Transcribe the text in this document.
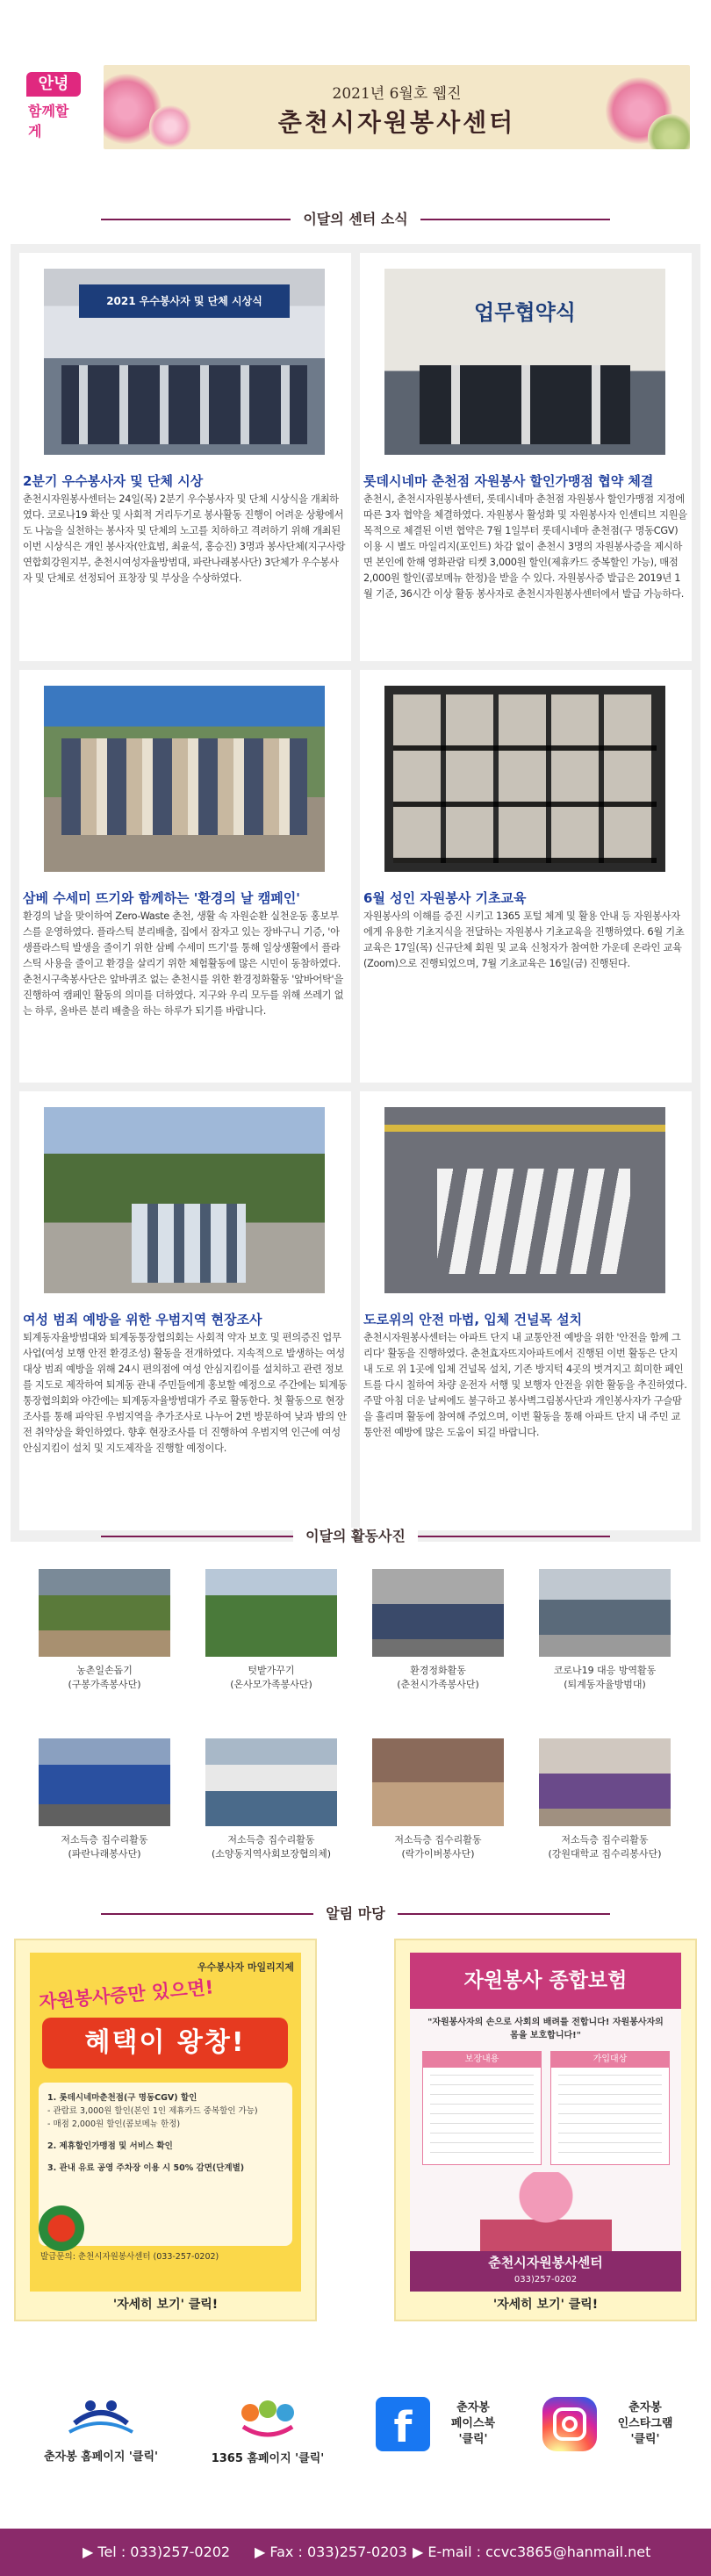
안녕
함께할게
2021년 6월호 웹진
춘천시자원봉사센터
이달의 센터 소식
2021 우수봉사자 및 단체 시상식
2분기 우수봉사자 및 단체 시상
춘천시자원봉사센터는 24일(목) 2분기 우수봉사자 및 단체 시상식을 개최하였다. 코로나19 확산 및 사회적 거리두기로 봉사활동 진행이 어려운 상황에서도 나눔을 실천하는 봉사자 및 단체의 노고를 치하하고 격려하기 위해 개최된 이번 시상식은 개인 봉사자(안효범, 최윤석, 홍승진) 3명과 봉사단체(지구사랑연합회강원지부, 춘천시여성자율방범대, 파란나래봉사단) 3단체가 우수봉사자 및 단체로 선정되어 표창장 및 부상을 수상하였다.
업무협약식
롯데시네마 춘천점 자원봉사 할인가맹점 협약 체결
춘천시, 춘천시자원봉사센터, 롯데시네마 춘천점 자원봉사 할인가맹점 지정에 따른 3자 협약을 체결하였다. 자원봉사 활성화 및 자원봉사자 인센티브 지원을 목적으로 체결된 이번 협약은 7월 1일부터 롯데시네마 춘천점(구 명동CGV) 이용 시 별도 마일리지(포인트) 차감 없이 춘천시 3명의 자원봉사증을 제시하면 본인에 한해 영화관람 티켓 3,000원 할인(제휴카드 중복할인 가능), 매점 2,000원 할인(콤보메뉴 한정)을 받을 수 있다. 자원봉사증 발급은 2019년 1월 기준, 36시간 이상 활동 봉사자로 춘천시자원봉사센터에서 발급 가능하다.
삼베 수세미 뜨기와 함께하는 '환경의 날 캠페인'
환경의 날을 맞이하여 Zero-Waste 춘천, 생활 속 자원순환 실천운동 홍보부스를 운영하였다. 플라스틱 분리배출, 집에서 잠자고 있는 장바구니 기증, '아생플라스틱 발생을 줄이기 위한 삼베 수세미 뜨기'를 통해 일상생활에서 플라스틱 사용을 줄이고 환경을 살리기 위한 체험활동에 많은 시민이 동참하였다. 춘천시구축봉사단은 앞바퀴조 없는 춘천시를 위한 환경정화활동 '앞바어탁'을 진행하여 캠페인 활동의 의미를 더하였다. 지구와 우리 모두를 위해 쓰레기 없는 하루, 올바른 분리 배출을 하는 하루가 되기를 바랍니다.
6월 성인 자원봉사 기초교육
자원봉사의 이해를 증진 시키고 1365 포털 체계 및 활용 안내 등 자원봉사자에게 유용한 기초지식을 전달하는 자원봉사 기초교육을 진행하였다. 6월 기초교육은 17일(목) 신규단체 회원 및 교육 신청자가 참여한 가운데 온라인 교육(Zoom)으로 진행되었으며, 7월 기초교육은 16일(금) 진행된다.
여성 범죄 예방을 위한 우범지역 현장조사
퇴계동자율방범대와 퇴계동통장협의회는 사회적 약자 보호 및 편의증진 업무사업(여성 보행 안전 환경조성) 활동을 전개하였다. 지속적으로 발생하는 여성 대상 범죄 예방을 위해 24시 편의점에 여성 안심지킴이를 설치하고 관련 정보를 지도로 제작하여 퇴계동 관내 주민들에게 홍보할 예정으로 주간에는 퇴계동통장협의회와 야간에는 퇴계동자율방범대가 주로 활동한다. 첫 활동으로 현장조사를 통해 파악된 우범지역을 추가조사로 나누어 2번 방문하여 낮과 밤의 안전 취약상을 확인하였다. 향후 현장조사를 더 진행하여 우범지역 인근에 여성 안심지킴이 설치 및 지도제작을 진행할 예정이다.
도로위의 안전 마법, 입체 건널목 설치
춘천시자원봉사센터는 아파트 단지 내 교통안전 예방을 위한 '안전을 함께 그리다' 활동을 진행하였다. 춘천효자뜨지아파트에서 진행된 이번 활동은 단지 내 도로 위 1곳에 입체 건널목 설치, 기존 방지턱 4곳의 벗겨지고 희미한 페인트를 다시 칠하여 차량 운전자 서행 및 보행자 안전을 위한 활동을 추진하였다. 주말 아침 더운 날씨에도 불구하고 봉사벽그림봉사단과 개인봉사자가 구슬땀을 흘리며 활동에 참여해 주었으며, 이번 활동을 통해 아파트 단지 내 주민 교통안전 예방에 많은 도움이 되길 바랍니다.
이달의 활동사진
농촌일손돕기
(구봉가족봉사단)
텃밭가꾸기
(온사모가족봉사단)
환경정화활동
(춘천시가족봉사단)
코로나19 대응 방역활동
(퇴계동자율방범대)
저소득층 집수리활동
(파란나래봉사단)
저소득층 집수리활동
(소양동지역사회보장협의체)
저소득층 집수리활동
(락가이버봉사단)
저소득층 집수리활동
(강원대학교 집수리봉사단)
알림 마당
우수봉사자 마일리지제
자원봉사증만 있으면!
혜택이 왕창!
1. 롯데시네마춘천점(구 명동CGV) 할인
- 관람료 3,000원 할인(본인 1인 제휴카드 중복할인 가능)
- 매점 2,000원 할인(콤보메뉴 한정)
2. 제휴할인가맹점 및 서비스 확인
3. 관내 유료 공영 주차장 이용 시 50% 감면(단계별)
발급문의: 춘천시자원봉사센터 (033-257-0202)
'자세히 보기' 클릭!
자원봉사 종합보험
"자원봉사자의 손으로 사회의 배려를 전합니다! 자원봉사자의 몸을 보호합니다!"
보장내용	가입대상
춘천시자원봉사센터
033)257-0202
'자세히 보기' 클릭!
춘자봉 홈페이지 '클릭'	1365 홈페이지 '클릭'
f	춘자봉
페이스북
'클릭'
춘자봉
인스타그램
'클릭'
▶ Tel : 033)257-0202 ▶ Fax : 033)257-0203 ▶ E-mail : ccvc3865@hanmail.net
